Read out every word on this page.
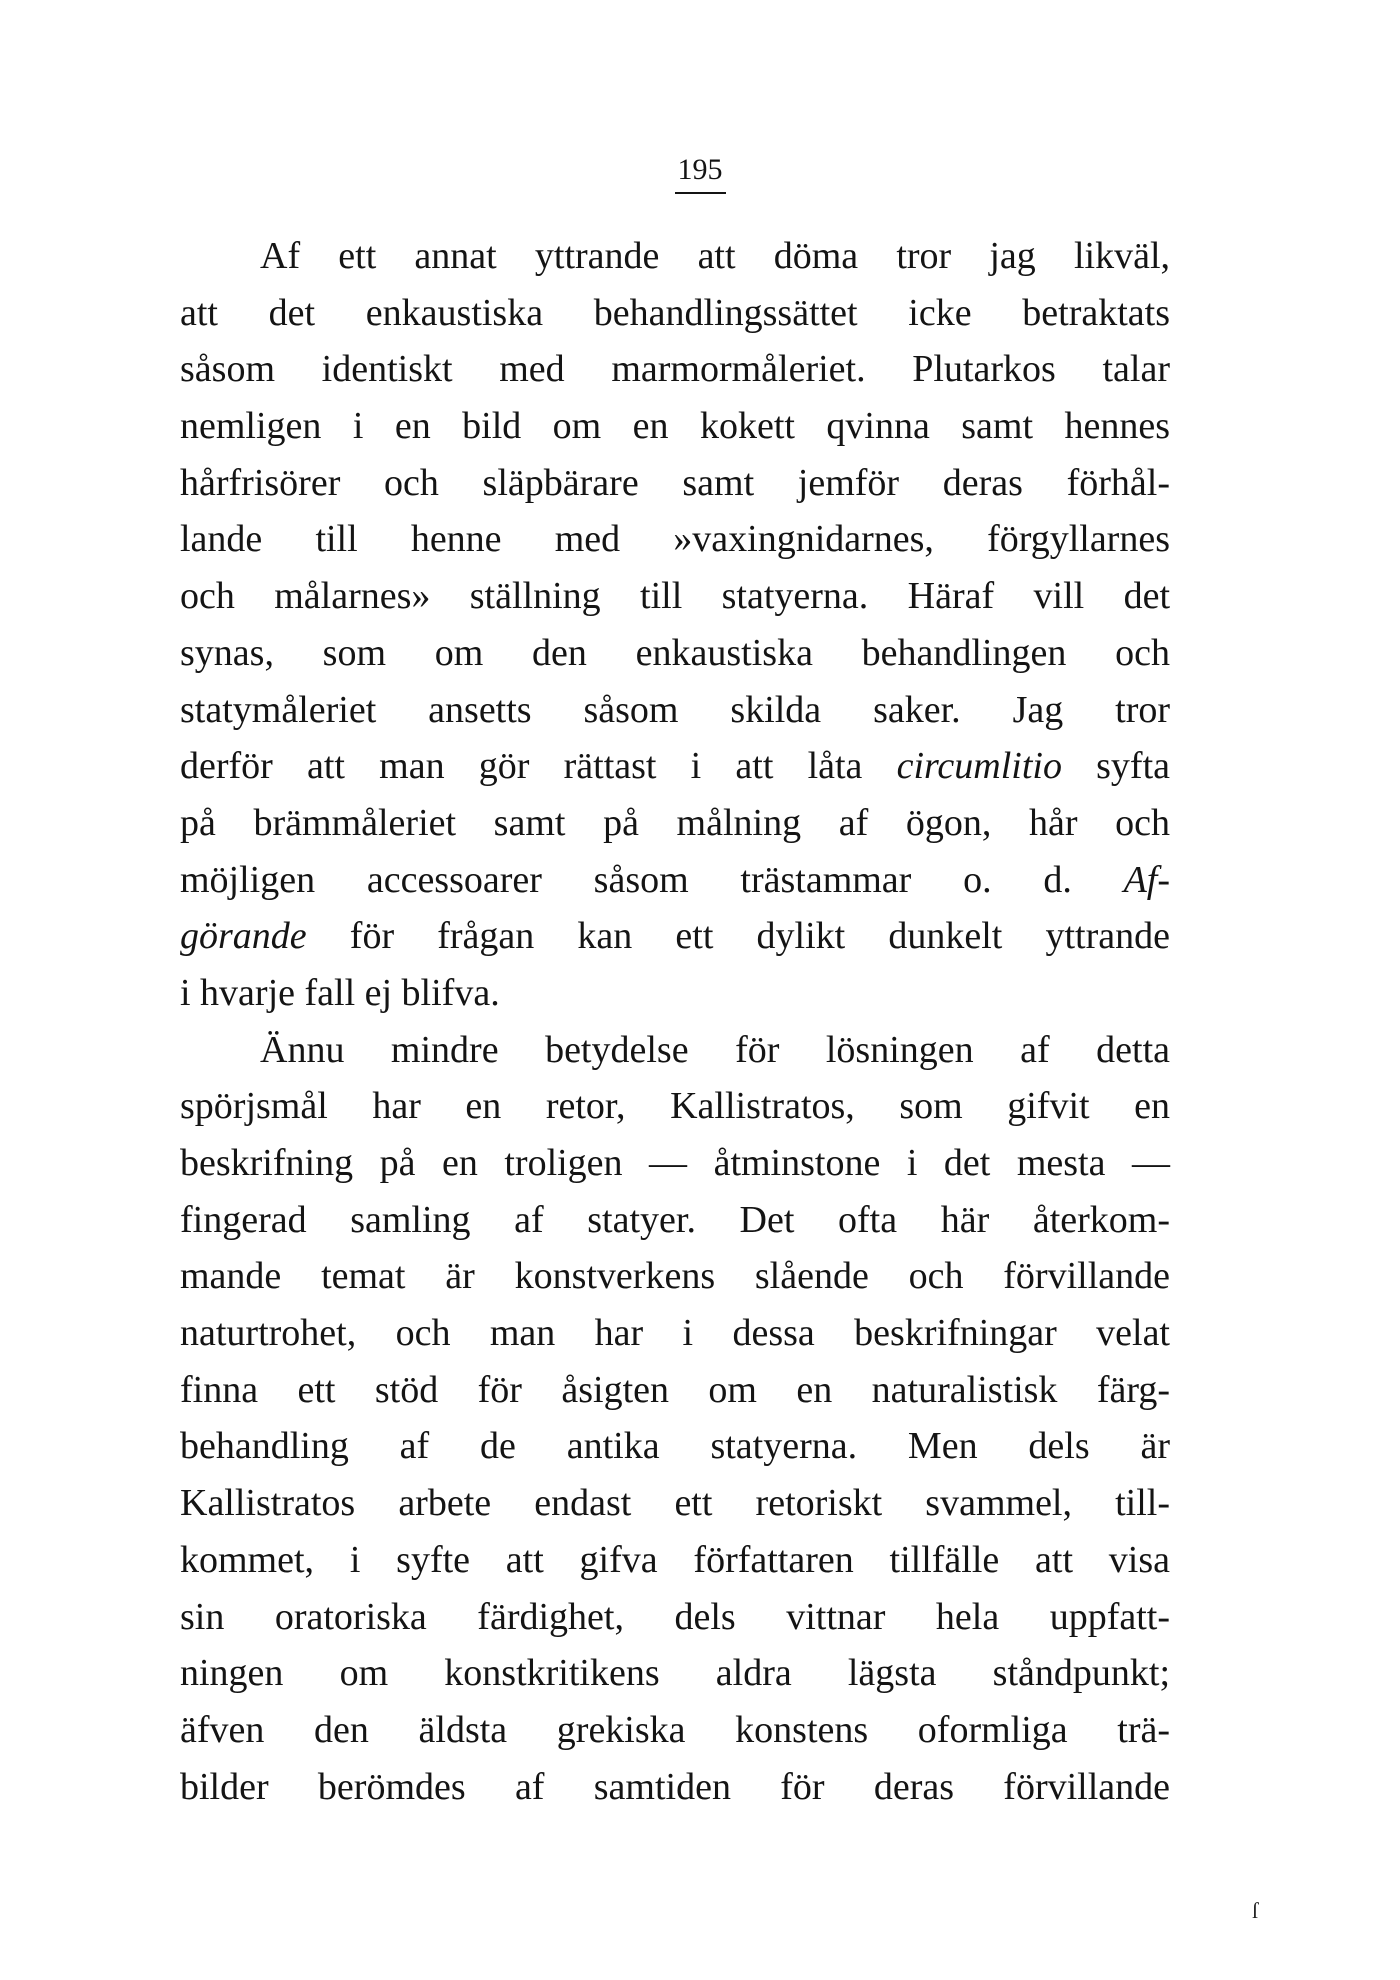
195
Af ett annat yttrande att döma tror jag likväl,
att det enkaustiska behandlingssättet icke betraktats
såsom identiskt med marmormåleriet. Plutarkos talar
nemligen i en bild om en kokett qvinna samt hennes
hårfrisörer och släpbärare samt jemför deras förhål-
lande till henne med »vaxingnidarnes, förgyllarnes
och målarnes» ställning till statyerna. Häraf vill det
synas, som om den enkaustiska behandlingen och
statymåleriet ansetts såsom skilda saker. Jag tror
derför att man gör rättast i att låta circumlitio syfta
på brämmåleriet samt på målning af ögon, hår och
möjligen accessoarer såsom trästammar o. d. Af-
görande för frågan kan ett dylikt dunkelt yttrande
i hvarje fall ej blifva.
Ännu mindre betydelse för lösningen af detta
spörjsmål har en retor, Kallistratos, som gifvit en
beskrifning på en troligen — åtminstone i det mesta —
fingerad samling af statyer. Det ofta här återkom-
mande temat är konstverkens slående och förvillande
naturtrohet, och man har i dessa beskrifningar velat
finna ett stöd för åsigten om en naturalistisk färg-
behandling af de antika statyerna. Men dels är
Kallistratos arbete endast ett retoriskt svammel, till-
kommet, i syfte att gifva författaren tillfälle att visa
sin oratoriska färdighet, dels vittnar hela uppfatt-
ningen om konstkritikens aldra lägsta ståndpunkt;
äfven den äldsta grekiska konstens oformliga trä-
bilder berömdes af samtiden för deras förvillande
ſ
